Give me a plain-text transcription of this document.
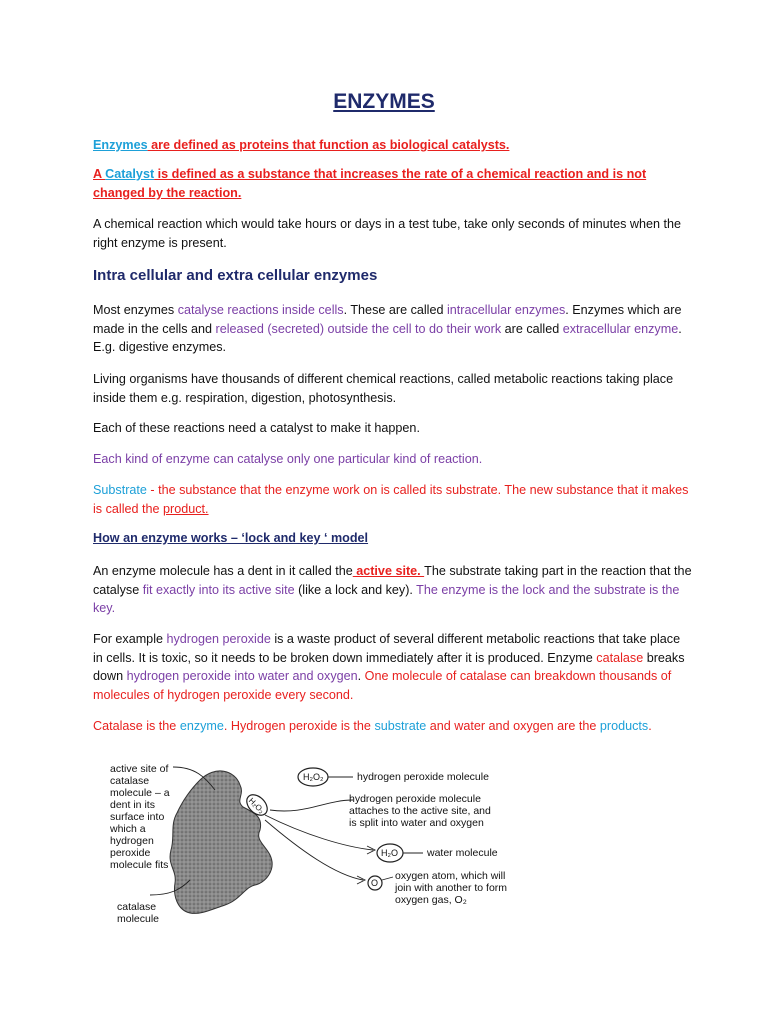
ENZYMES

Enzymes are defined as proteins that function as biological catalysts.

A Catalyst is defined as a substance that increases the rate of a chemical reaction and is not changed by the reaction.

A chemical reaction which would take hours or days in a test tube, take only seconds of minutes when the right enzyme is present.

Intra cellular and extra cellular enzymes

Most enzymes catalyse reactions inside cells. These are called intracellular enzymes. Enzymes which are made in the cells and released (secreted) outside the cell to do their work are called extracellular enzyme. E.g. digestive enzymes.

Living organisms have thousands of different chemical reactions, called metabolic reactions taking place inside them e.g. respiration, digestion, photosynthesis.

Each of these reactions need a catalyst to make it happen.

Each kind of enzyme can catalyse only one particular kind of reaction.

Substrate - the substance that the enzyme work on is called its substrate. The new substance that it makes is called the product.

How an enzyme works – ‘lock and key ‘ model

An enzyme molecule has a dent in it called the active site. The substrate taking part in the reaction that the catalyse fit exactly into its active site (like a lock and key). The enzyme is the lock and the substrate is the key.

For example hydrogen peroxide is a waste product of several different metabolic reactions that take place in cells. It is toxic, so it needs to be broken down immediately after it is produced. Enzyme catalase breaks down hydrogen peroxide into water and oxygen. One molecule of catalase can breakdown thousands of molecules of hydrogen peroxide every second.

Catalase is the enzyme. Hydrogen peroxide is the substrate and water and oxygen are the products.

H₂O₂
H₂O₂
H₂O
O
active site of catalase molecule – a dent in its surface into which a hydrogen peroxide molecule fits
catalase molecule
hydrogen peroxide molecule
hydrogen peroxide molecule attaches to the active site, and is split into water and oxygen
water molecule
oxygen atom, which will join with another to form oxygen gas, O₂
